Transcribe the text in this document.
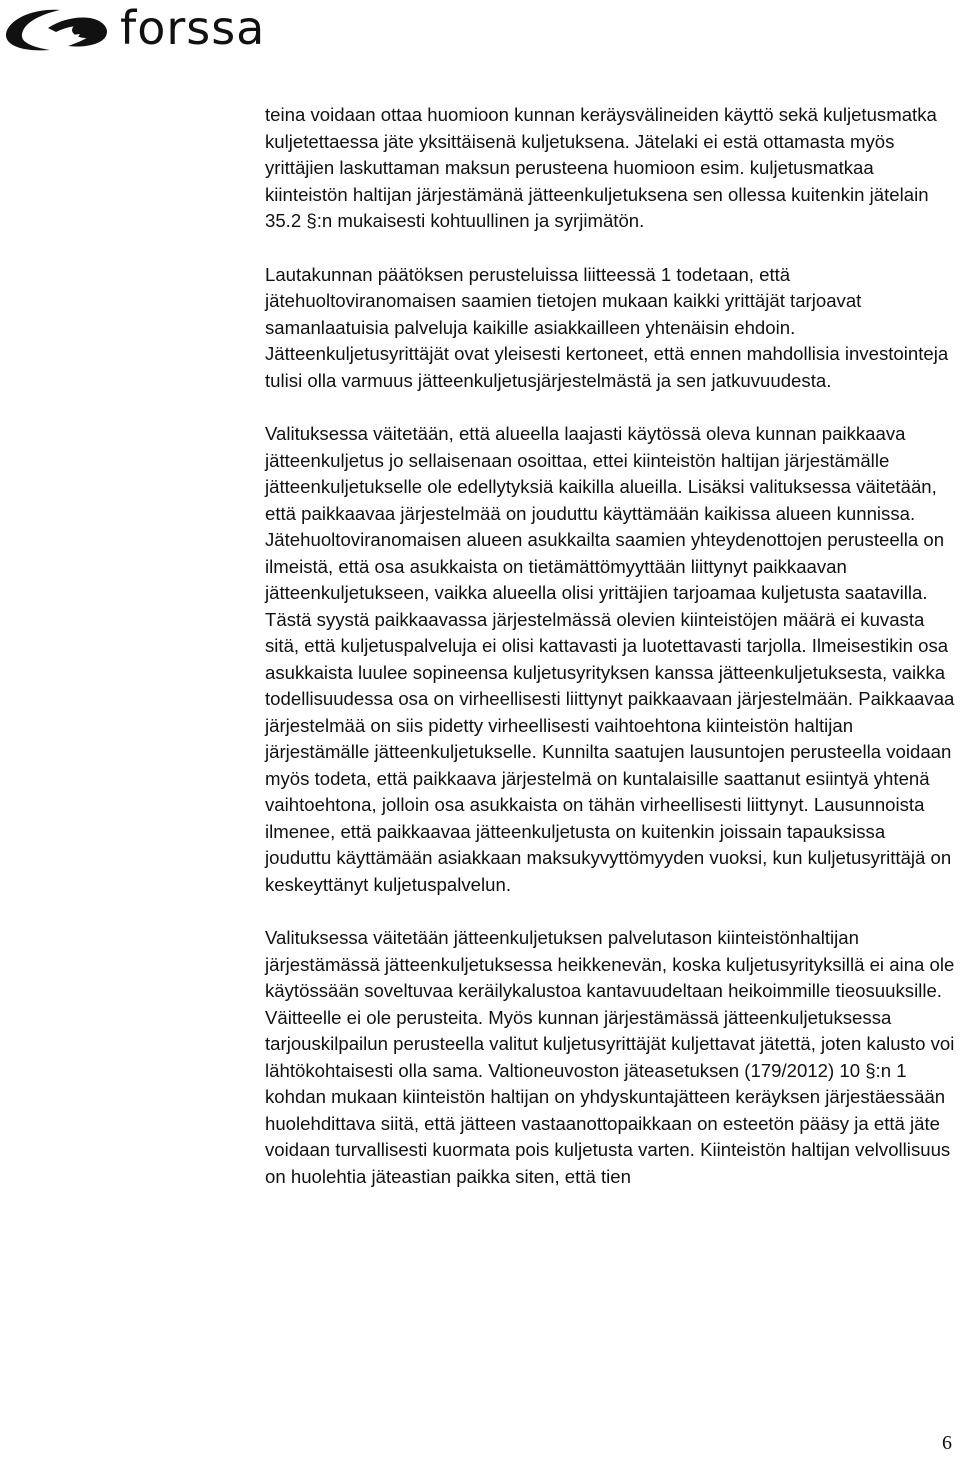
forssa

teina voidaan ottaa huomioon kunnan keräysvälineiden käyttö sekä kuljetusmatka kuljetettaessa jäte yksittäisenä kuljetuksena. Jätelaki ei estä ottamasta myös yrittäjien laskuttaman maksun perusteena huomioon esim. kuljetusmatkaa kiinteistön haltijan järjestämänä jätteenkuljetuksena sen ollessa kuitenkin jätelain 35.2 §:n mukaisesti kohtuullinen ja syrjimätön.

Lautakunnan päätöksen perusteluissa liitteessä 1 todetaan, että jätehuoltoviranomaisen saamien tietojen mukaan kaikki yrittäjät tarjoavat samanlaatuisia palveluja kaikille asiakkailleen yhtenäisin ehdoin. Jätteenkuljetusyrittäjät ovat yleisesti kertoneet, että ennen mahdollisia investointeja tulisi olla varmuus jätteenkuljetusjärjestelmästä ja sen jatkuvuudesta.

Valituksessa väitetään, että alueella laajasti käytössä oleva kunnan paikkaava jätteenkuljetus jo sellaisenaan osoittaa, ettei kiinteistön haltijan järjestämälle jätteenkuljetukselle ole edellytyksiä kaikilla alueilla. Lisäksi valituksessa väitetään, että paikkaavaa järjestelmää on jouduttu käyttämään kaikissa alueen kunnissa. Jätehuoltoviranomaisen alueen asukkailta saamien yhteydenottojen perusteella on ilmeistä, että osa asukkaista on tietämättömyyttään liittynyt paikkaavan jätteenkuljetukseen, vaikka alueella olisi yrittäjien tarjoamaa kuljetusta saatavilla. Tästä syystä paikkaavassa järjestelmässä olevien kiinteistöjen määrä ei kuvasta sitä, että kuljetuspalveluja ei olisi kattavasti ja luotettavasti tarjolla. Ilmeisestikin osa asukkaista luulee sopineensa kuljetusyrityksen kanssa jätteenkuljetuksesta, vaikka todellisuudessa osa on virheellisesti liittynyt paikkaavaan järjestelmään. Paikkaavaa järjestelmää on siis pidetty virheellisesti vaihtoehtona kiinteistön haltijan järjestämälle jätteenkuljetukselle. Kunnilta saatujen lausuntojen perusteella voidaan myös todeta, että paikkaava järjestelmä on kuntalaisille saattanut esiintyä yhtenä vaihtoehtona, jolloin osa asukkaista on tähän virheellisesti liittynyt. Lausunnoista ilmenee, että paikkaavaa jätteenkuljetusta on kuitenkin joissain tapauksissa jouduttu käyttämään asiakkaan maksukyvyttömyyden vuoksi, kun kuljetusyrittäjä on keskeyttänyt kuljetuspalvelun.

Valituksessa väitetään jätteenkuljetuksen palvelutason kiinteistönhaltijan järjestämässä jätteenkuljetuksessa heikkenevän, koska kuljetusyrityksillä ei aina ole käytössään soveltuvaa keräilykalustoa kantavuudeltaan heikoimmille tieosuuksille. Väitteelle ei ole perusteita. Myös kunnan järjestämässä jätteenkuljetuksessa tarjouskilpailun perusteella valitut kuljetusyrittäjät kuljettavat jätettä, joten kalusto voi lähtökohtaisesti olla sama. Valtioneuvoston jäteasetuksen (179/2012) 10 §:n 1 kohdan mukaan kiinteistön haltijan on yhdyskuntajätteen keräyksen järjestäessään huolehdittava siitä, että jätteen vastaanottopaikkaan on esteetön pääsy ja että jäte voidaan turvallisesti kuormata pois kuljetusta varten. Kiinteistön haltijan velvollisuus on huolehtia jäteastian paikka siten, että tien

6
